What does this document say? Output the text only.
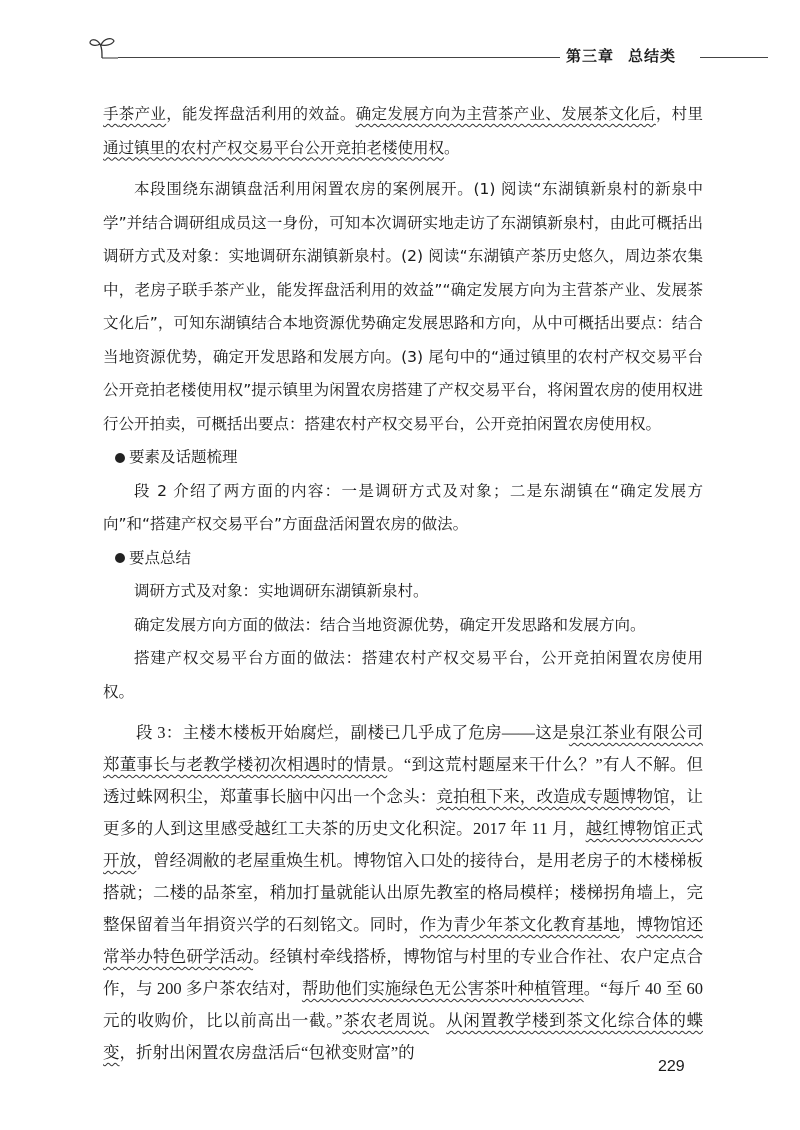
第三章 总结类

手茶产业，能发挥盘活利用的效益。确定发展方向为主营茶产业、发展茶文化后，村里通过镇里的农村产权交易平台公开竞拍老楼使用权。

本段围绕东湖镇盘活利用闲置农房的案例展开。(1) 阅读“东湖镇新泉村的新泉中学”并结合调研组成员这一身份，可知本次调研实地走访了东湖镇新泉村，由此可概括出调研方式及对象：实地调研东湖镇新泉村。(2) 阅读“东湖镇产茶历史悠久，周边茶农集中，老房子联手茶产业，能发挥盘活利用的效益”“确定发展方向为主营茶产业、发展茶文化后”，可知东湖镇结合本地资源优势确定发展思路和方向，从中可概括出要点：结合当地资源优势，确定开发思路和发展方向。(3) 尾句中的“通过镇里的农村产权交易平台公开竞拍老楼使用权”提示镇里为闲置农房搭建了产权交易平台，将闲置农房的使用权进行公开拍卖，可概括出要点：搭建农村产权交易平台，公开竞拍闲置农房使用权。

要素及话题梳理

段 2 介绍了两方面的内容：一是调研方式及对象；二是东湖镇在“确定发展方向”和“搭建产权交易平台”方面盘活闲置农房的做法。

要点总结

调研方式及对象：实地调研东湖镇新泉村。

确定发展方向方面的做法：结合当地资源优势，确定开发思路和发展方向。

搭建产权交易平台方面的做法：搭建农村产权交易平台，公开竞拍闲置农房使用权。

段 3：主楼木楼板开始腐烂，副楼已几乎成了危房——这是泉江茶业有限公司郑董事长与老教学楼初次相遇时的情景。“到这荒村题屋来干什么？”有人不解。但透过蛛网积尘，郑董事长脑中闪出一个念头：竞拍租下来，改造成专题博物馆，让更多的人到这里感受越红工夫茶的历史文化积淀。2017 年 11 月，越红博物馆正式开放，曾经凋敝的老屋重焕生机。博物馆入口处的接待台，是用老房子的木楼梯板搭就；二楼的品茶室，稍加打量就能认出原先教室的格局模样；楼梯拐角墙上，完整保留着当年捐资兴学的石刻铭文。同时，作为青少年茶文化教育基地，博物馆还常举办特色研学活动。经镇村牵线搭桥，博物馆与村里的专业合作社、农户定点合作，与 200 多户茶农结对，帮助他们实施绿色无公害茶叶种植管理。“每斤 40 至 60 元的收购价，比以前高出一截。”茶农老周说。从闲置教学楼到茶文化综合体的蝶变，折射出闲置农房盘活后“包袱变财富”的

229
